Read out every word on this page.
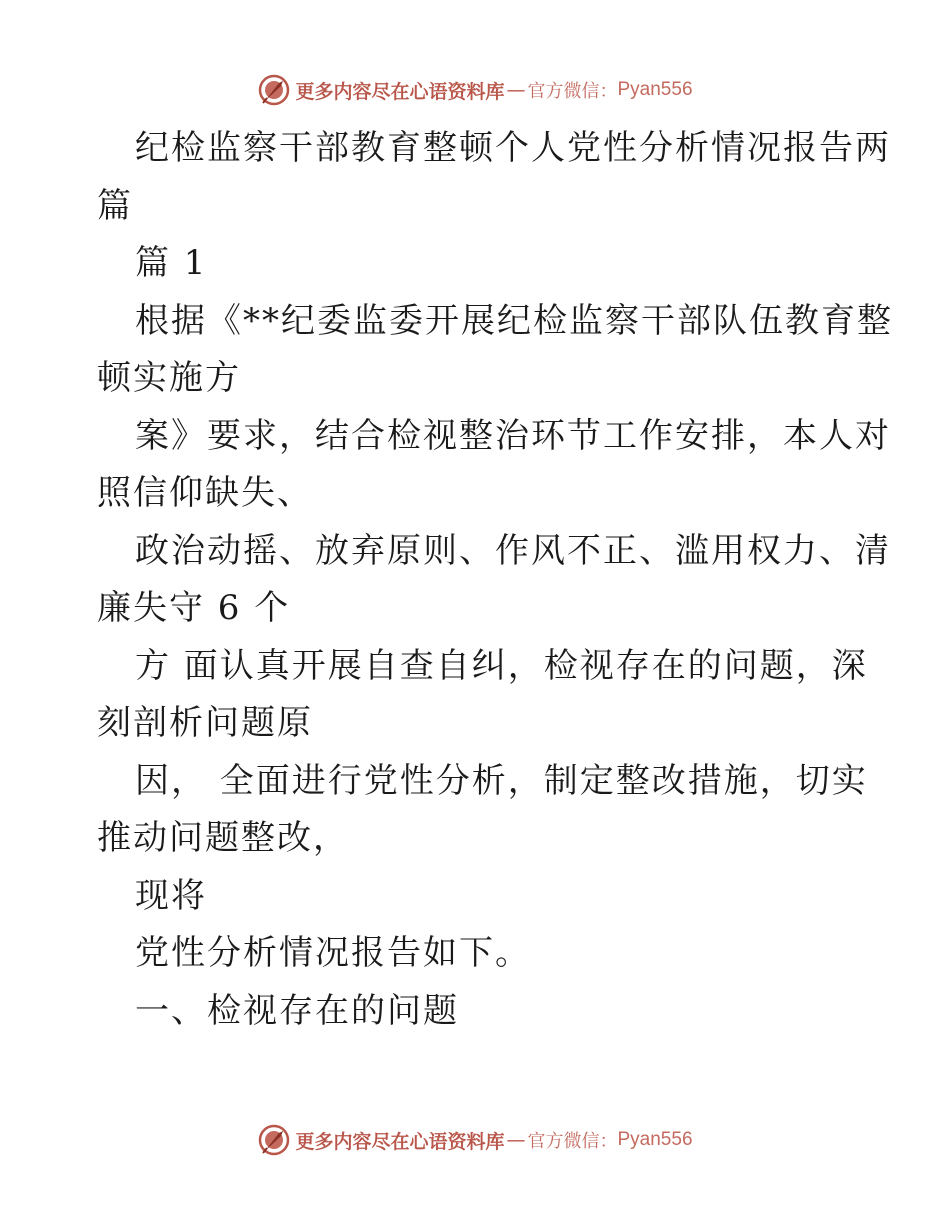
更多内容尽在心语资料库 — 官方微信： Pyan556
纪检监察干部教育整顿个人党性分析情况报告两
篇
篇 1
根据《**纪委监委开展纪检监察干部队伍教育整
顿实施方
案》要求，结合检视整治环节工作安排，本人对
照信仰缺失、
政治动摇、放弃原则、作风不正、滥用权力、清
廉失守 6 个
方 面认真开展自查自纠，检视存在的问题，深
刻剖析问题原
因， 全面进行党性分析，制定整改措施，切实
推动问题整改，
现将
党性分析情况报告如下。
一、检视存在的问题
更多内容尽在心语资料库 — 官方微信： Pyan556
